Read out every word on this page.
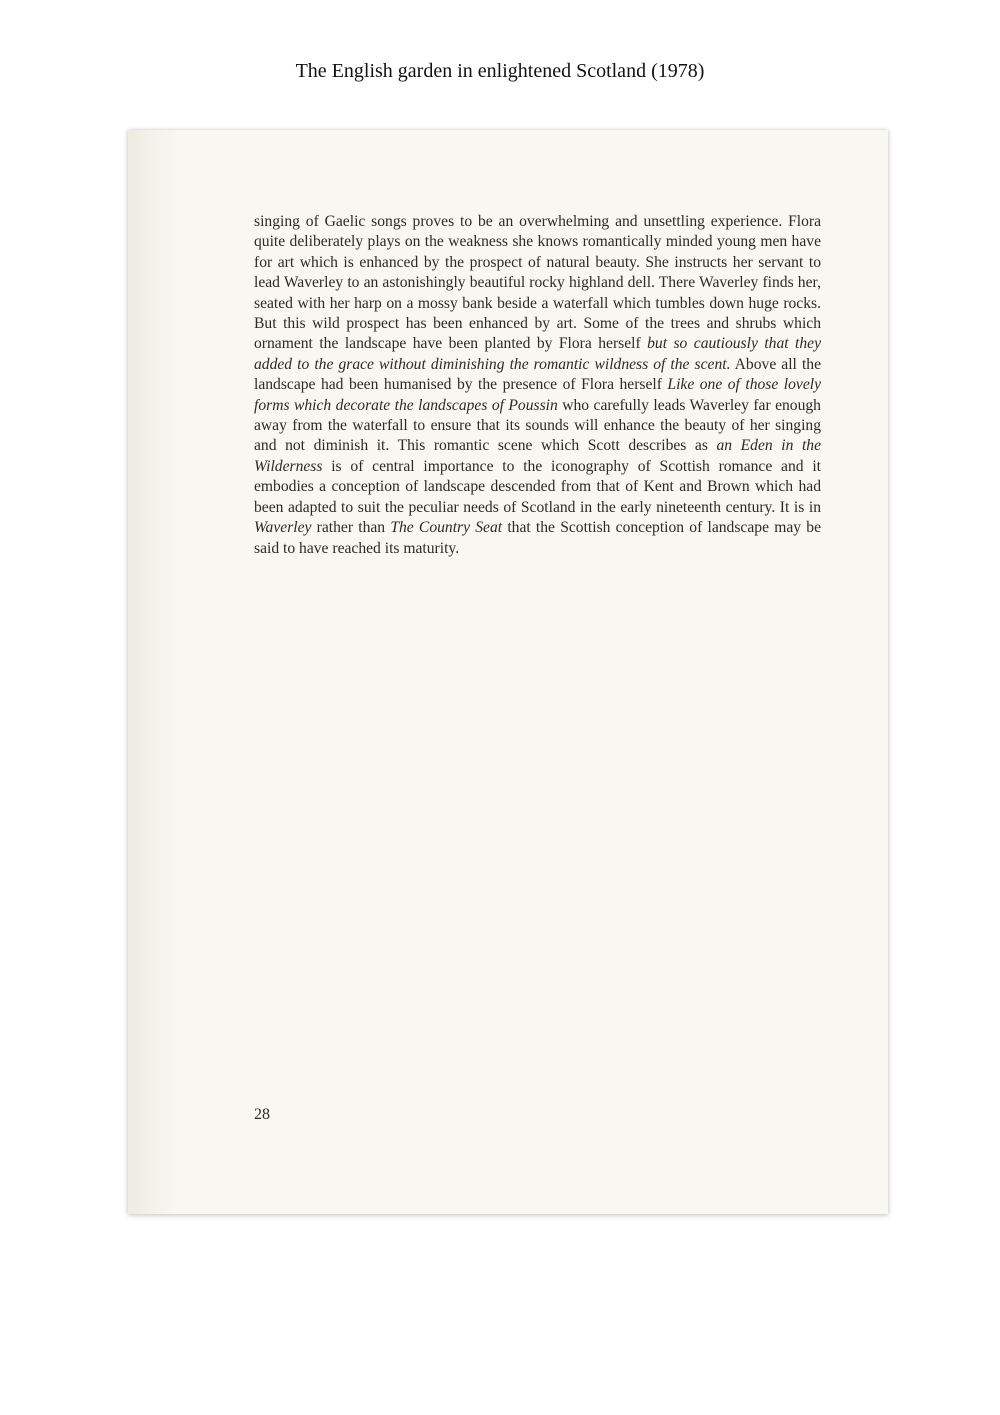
The English garden in enlightened Scotland (1978)

singing of Gaelic songs proves to be an overwhelming and unsettling experience. Flora quite deliberately plays on the weakness she knows romantically minded young men have for art which is enhanced by the prospect of natural beauty. She instructs her servant to lead Waverley to an astonishingly beautiful rocky highland dell. There Waverley finds her, seated with her harp on a mossy bank beside a waterfall which tumbles down huge rocks. But this wild prospect has been enhanced by art. Some of the trees and shrubs which ornament the landscape have been planted by Flora herself but so cautiously that they added to the grace without diminishing the romantic wildness of the scent. Above all the landscape had been humanised by the presence of Flora herself Like one of those lovely forms which decorate the landscapes of Poussin who carefully leads Waverley far enough away from the waterfall to ensure that its sounds will enhance the beauty of her singing and not diminish it. This romantic scene which Scott describes as an Eden in the Wilderness is of central importance to the iconography of Scottish romance and it embodies a conception of landscape descended from that of Kent and Brown which had been adapted to suit the peculiar needs of Scotland in the early nineteenth century. It is in Waverley rather than The Country Seat that the Scottish conception of landscape may be said to have reached its maturity.

28
